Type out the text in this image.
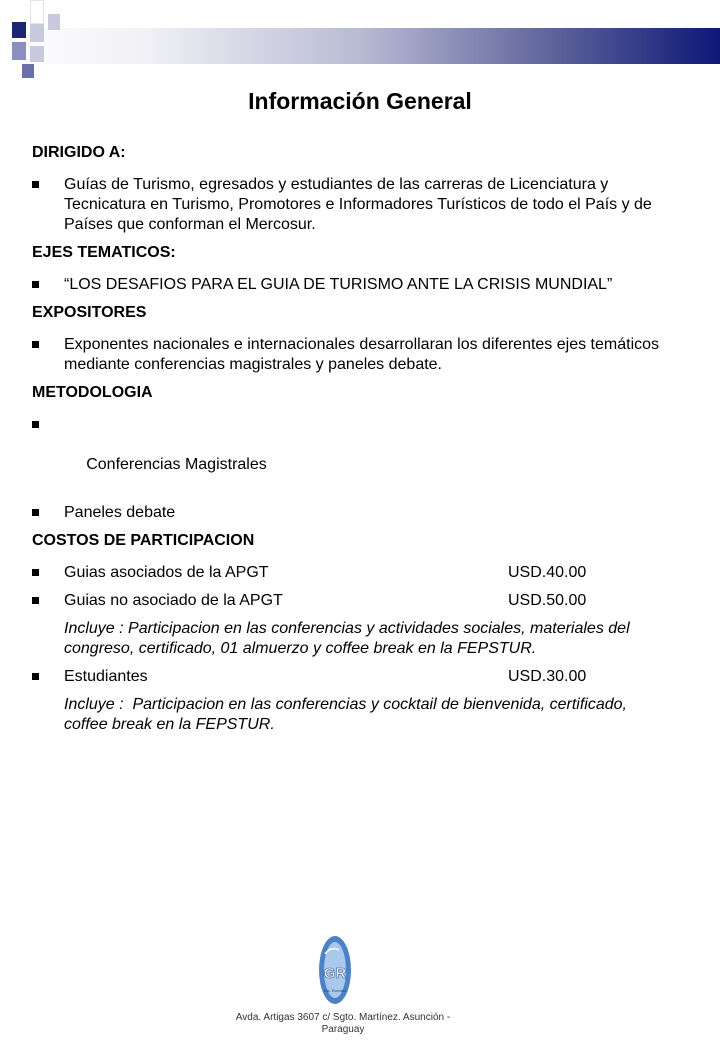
Información General
DIRIGIDO A:
Guías de Turismo, egresados y estudiantes de las carreras de Licenciatura y Tecnicatura en Turismo, Promotores e Informadores Turísticos de todo el País y de Países que conforman el Mercosur.
EJES TEMATICOS:
“LOS DESAFIOS PARA EL GUIA DE TURISMO ANTE LA CRISIS MUNDIAL”
EXPOSITORES
Exponentes nacionales e internacionales desarrollaran los diferentes ejes temáticos mediante conferencias magistrales y paneles debate.
METODOLOGIA

Conferencias Magistrales

Paneles debate
COSTOS DE PARTICIPACION
Guias asociados de la APGT	USD.40.00
Guias no asociado de la APGT	USD.50.00
Incluye : Participacion en las conferencias y actividades sociales, materiales del congreso, certificado, 01 almuerzo y coffee break en la FEPSTUR.
Estudiantes	USD.30.00
Incluye :  Participacion en las conferencias y cocktail de bienvenida, certificado, coffee break en la FEPSTUR.
GR
Dis. Eventos
Avda. Artigas 3607 c/ Sgto. Martínez. Asunción - Paraguay
